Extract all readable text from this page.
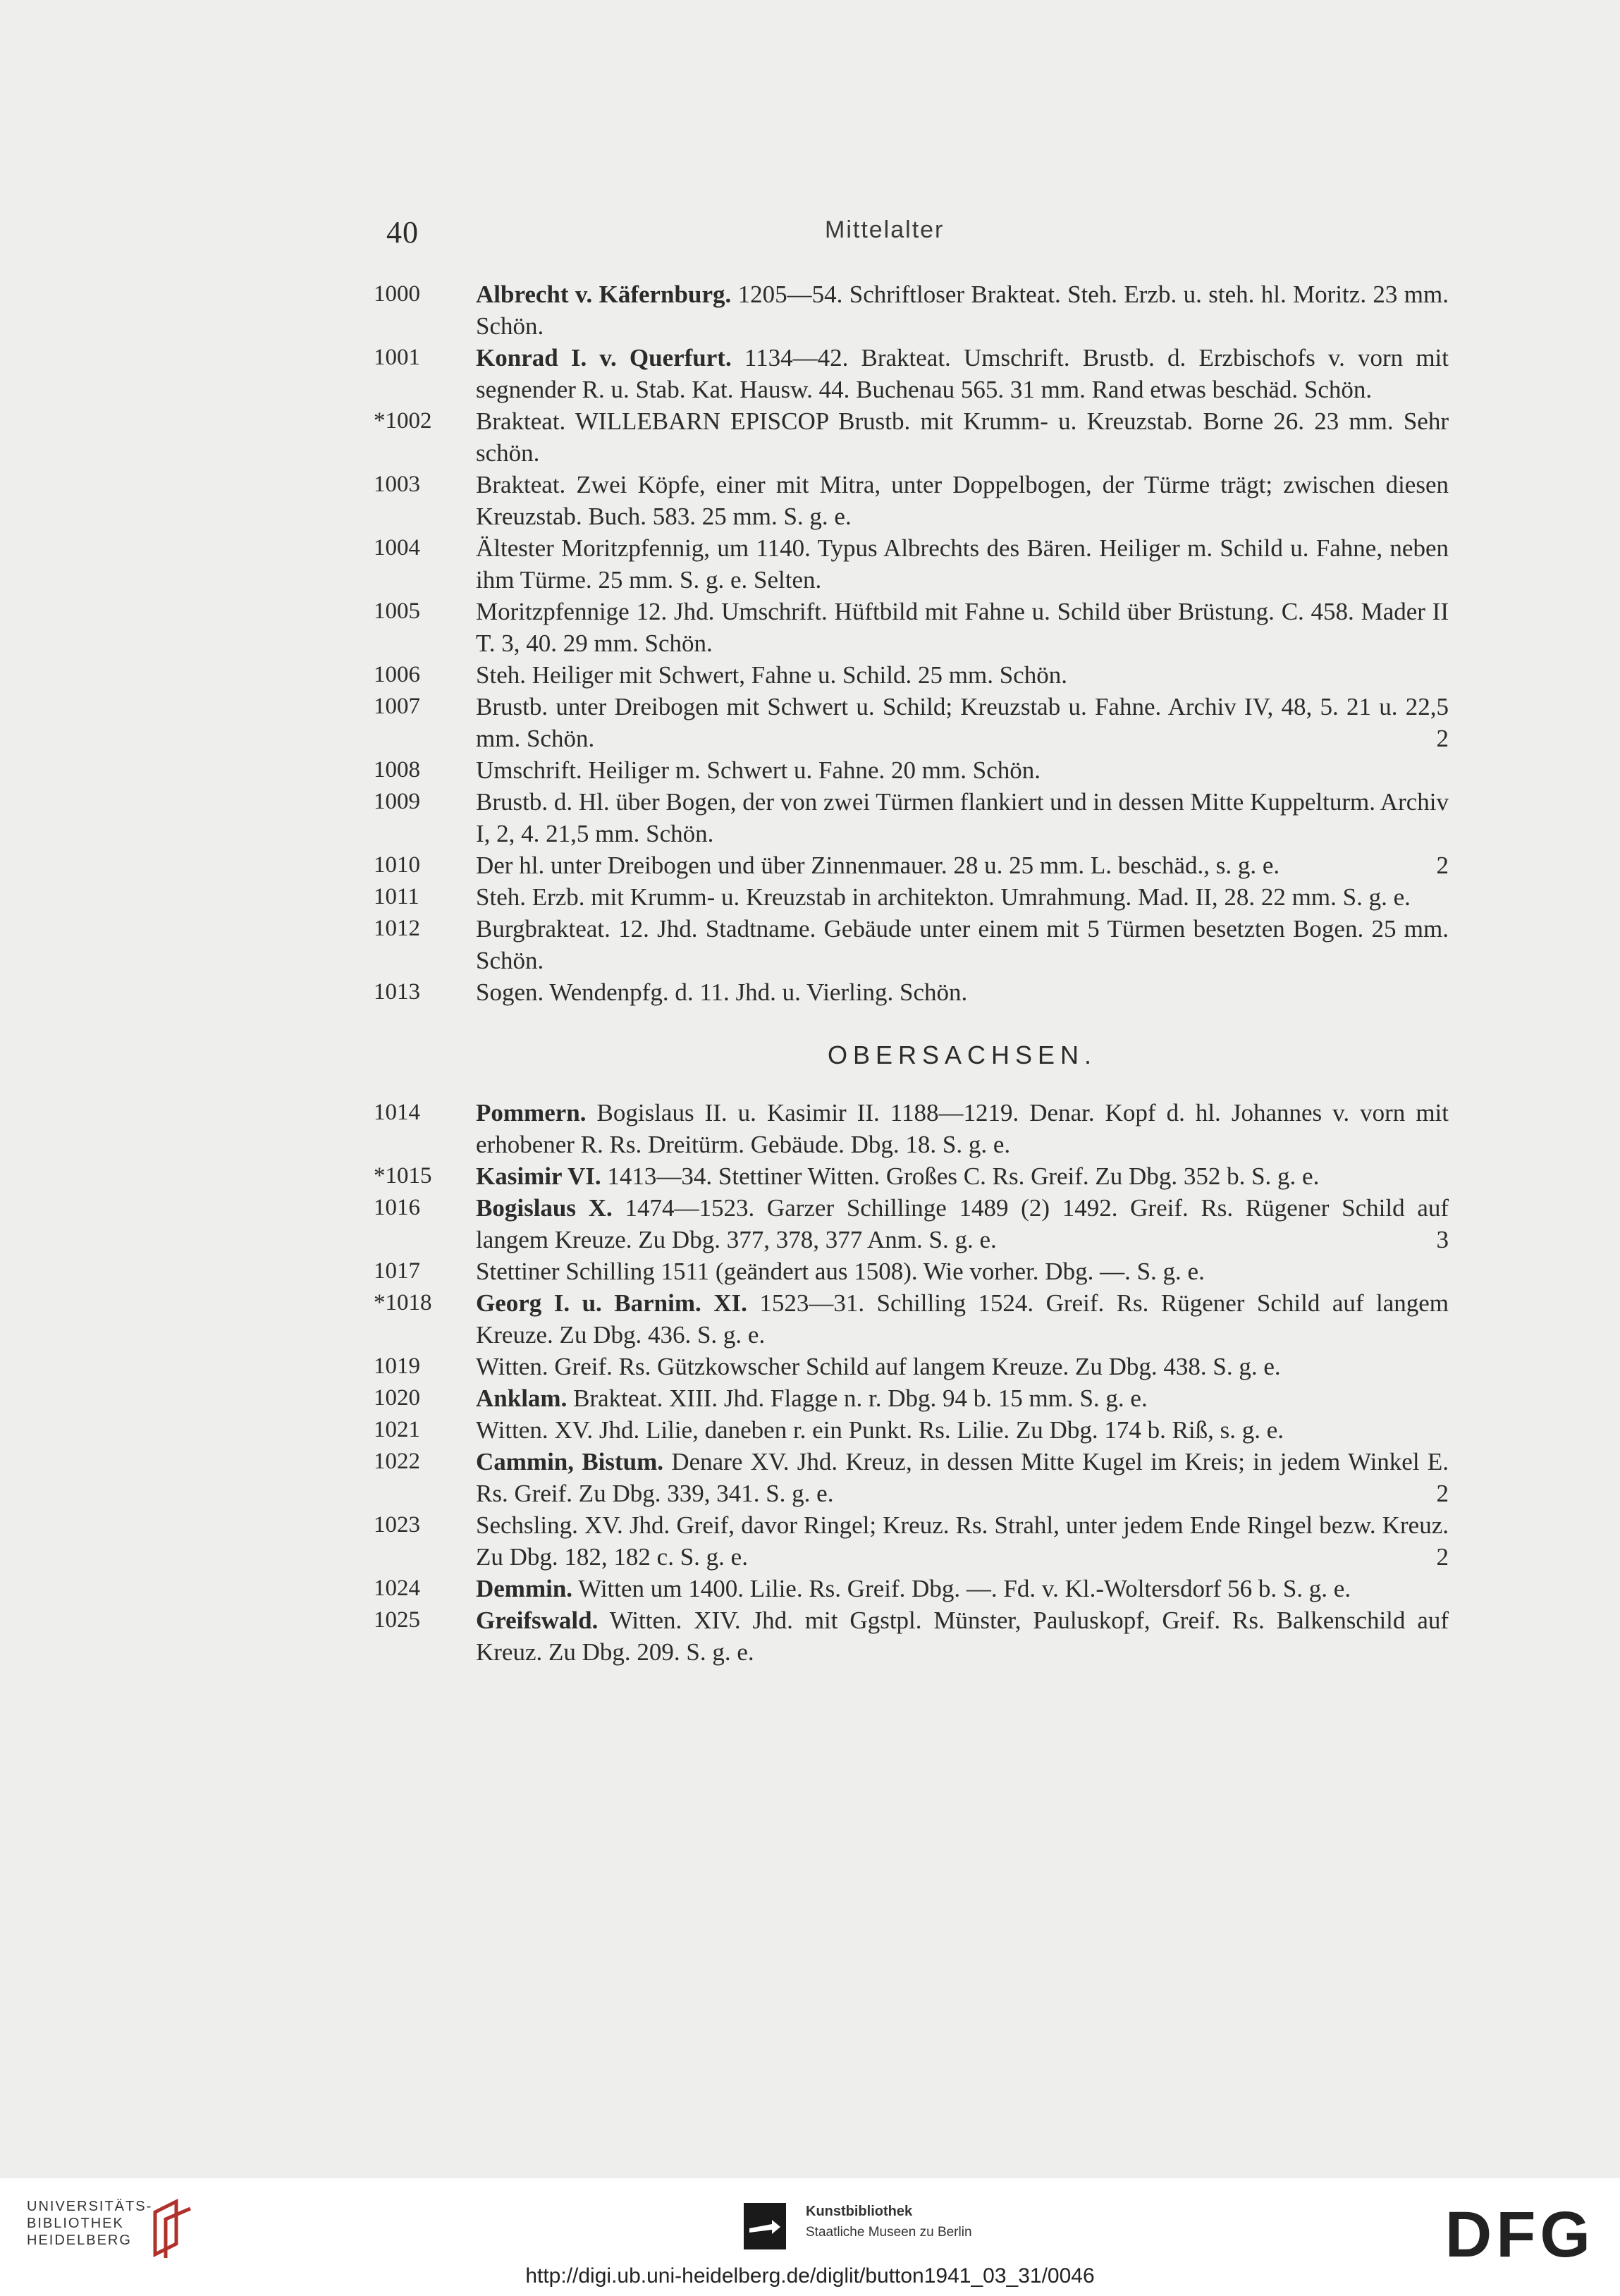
40	Mittelalter
1000	Albrecht v. Käfernburg. 1205—54. Schriftloser Brakteat. Steh. Erzb. u. steh. hl. Moritz. 23 mm. Schön.
1001	Konrad I. v. Querfurt. 1134—42. Brakteat. Umschrift. Brustb. d. Erzbischofs v. vorn mit segnender R. u. Stab. Kat. Hausw. 44. Buchenau 565. 31 mm. Rand etwas beschäd. Schön.
*1002	Brakteat. WILLEBARN EPISCOP Brustb. mit Krumm- u. Kreuzstab. Borne 26. 23 mm. Sehr schön.
1003	Brakteat. Zwei Köpfe, einer mit Mitra, unter Doppelbogen, der Türme trägt; zwischen diesen Kreuzstab. Buch. 583. 25 mm. S. g. e.
1004	Ältester Moritzpfennig, um 1140. Typus Albrechts des Bären. Heiliger m. Schild u. Fahne, neben ihm Türme. 25 mm. S. g. e. Selten.
1005	Moritzpfennige 12. Jhd. Umschrift. Hüftbild mit Fahne u. Schild über Brüstung. C. 458. Mader II T. 3, 40. 29 mm. Schön.
1006	Steh. Heiliger mit Schwert, Fahne u. Schild. 25 mm. Schön.
1007	Brustb. unter Dreibogen mit Schwert u. Schild; Kreuzstab u. Fahne. Archiv IV, 48, 5. 21 u. 22,5 mm. Schön.	2
1008	Umschrift. Heiliger m. Schwert u. Fahne. 20 mm. Schön.
1009	Brustb. d. Hl. über Bogen, der von zwei Türmen flankiert und in dessen Mitte Kuppelturm. Archiv I, 2, 4. 21,5 mm. Schön.
1010	Der hl. unter Dreibogen und über Zinnenmauer. 28 u. 25 mm. L. beschäd., s. g. e.	2
1011	Steh. Erzb. mit Krumm- u. Kreuzstab in architekton. Umrahmung. Mad. II, 28. 22 mm. S. g. e.
1012	Burgbrakteat. 12. Jhd. Stadtname. Gebäude unter einem mit 5 Türmen besetzten Bogen. 25 mm. Schön.
1013	Sogen. Wendenpfg. d. 11. Jhd. u. Vierling. Schön.
OBERSACHSEN.
1014	Pommern. Bogislaus II. u. Kasimir II. 1188—1219. Denar. Kopf d. hl. Johannes v. vorn mit erhobener R. Rs. Dreitürm. Gebäude. Dbg. 18. S. g. e.
*1015	Kasimir VI. 1413—34. Stettiner Witten. Großes C. Rs. Greif. Zu Dbg. 352 b. S. g. e.
1016	Bogislaus X. 1474—1523. Garzer Schillinge 1489 (2) 1492. Greif. Rs. Rügener Schild auf langem Kreuze. Zu Dbg. 377, 378, 377 Anm. S. g. e.	3
1017	Stettiner Schilling 1511 (geändert aus 1508). Wie vorher. Dbg. —. S. g. e.
*1018	Georg I. u. Barnim. XI. 1523—31. Schilling 1524. Greif. Rs. Rügener Schild auf langem Kreuze. Zu Dbg. 436. S. g. e.
1019	Witten. Greif. Rs. Gützkowscher Schild auf langem Kreuze. Zu Dbg. 438. S. g. e.
1020	Anklam. Brakteat. XIII. Jhd. Flagge n. r. Dbg. 94 b. 15 mm. S. g. e.
1021	Witten. XV. Jhd. Lilie, daneben r. ein Punkt. Rs. Lilie. Zu Dbg. 174 b. Riß, s. g. e.
1022	Cammin, Bistum. Denare XV. Jhd. Kreuz, in dessen Mitte Kugel im Kreis; in jedem Winkel E. Rs. Greif. Zu Dbg. 339, 341. S. g. e.	2
1023	Sechsling. XV. Jhd. Greif, davor Ringel; Kreuz. Rs. Strahl, unter jedem Ende Ringel bezw. Kreuz. Zu Dbg. 182, 182 c. S. g. e.	2
1024	Demmin. Witten um 1400. Lilie. Rs. Greif. Dbg. —. Fd. v. Kl.-Woltersdorf 56 b. S. g. e.
1025	Greifswald. Witten. XIV. Jhd. mit Ggstpl. Münster, Pauluskopf, Greif. Rs. Balkenschild auf Kreuz. Zu Dbg. 209. S. g. e.
UNIVERSITÄTS-
BIBLIOTHEK
HEIDELBERG
Kunstbibliothek
Staatliche Museen zu Berlin	DFG
http://digi.ub.uni-heidelberg.de/diglit/button1941_03_31/0046
